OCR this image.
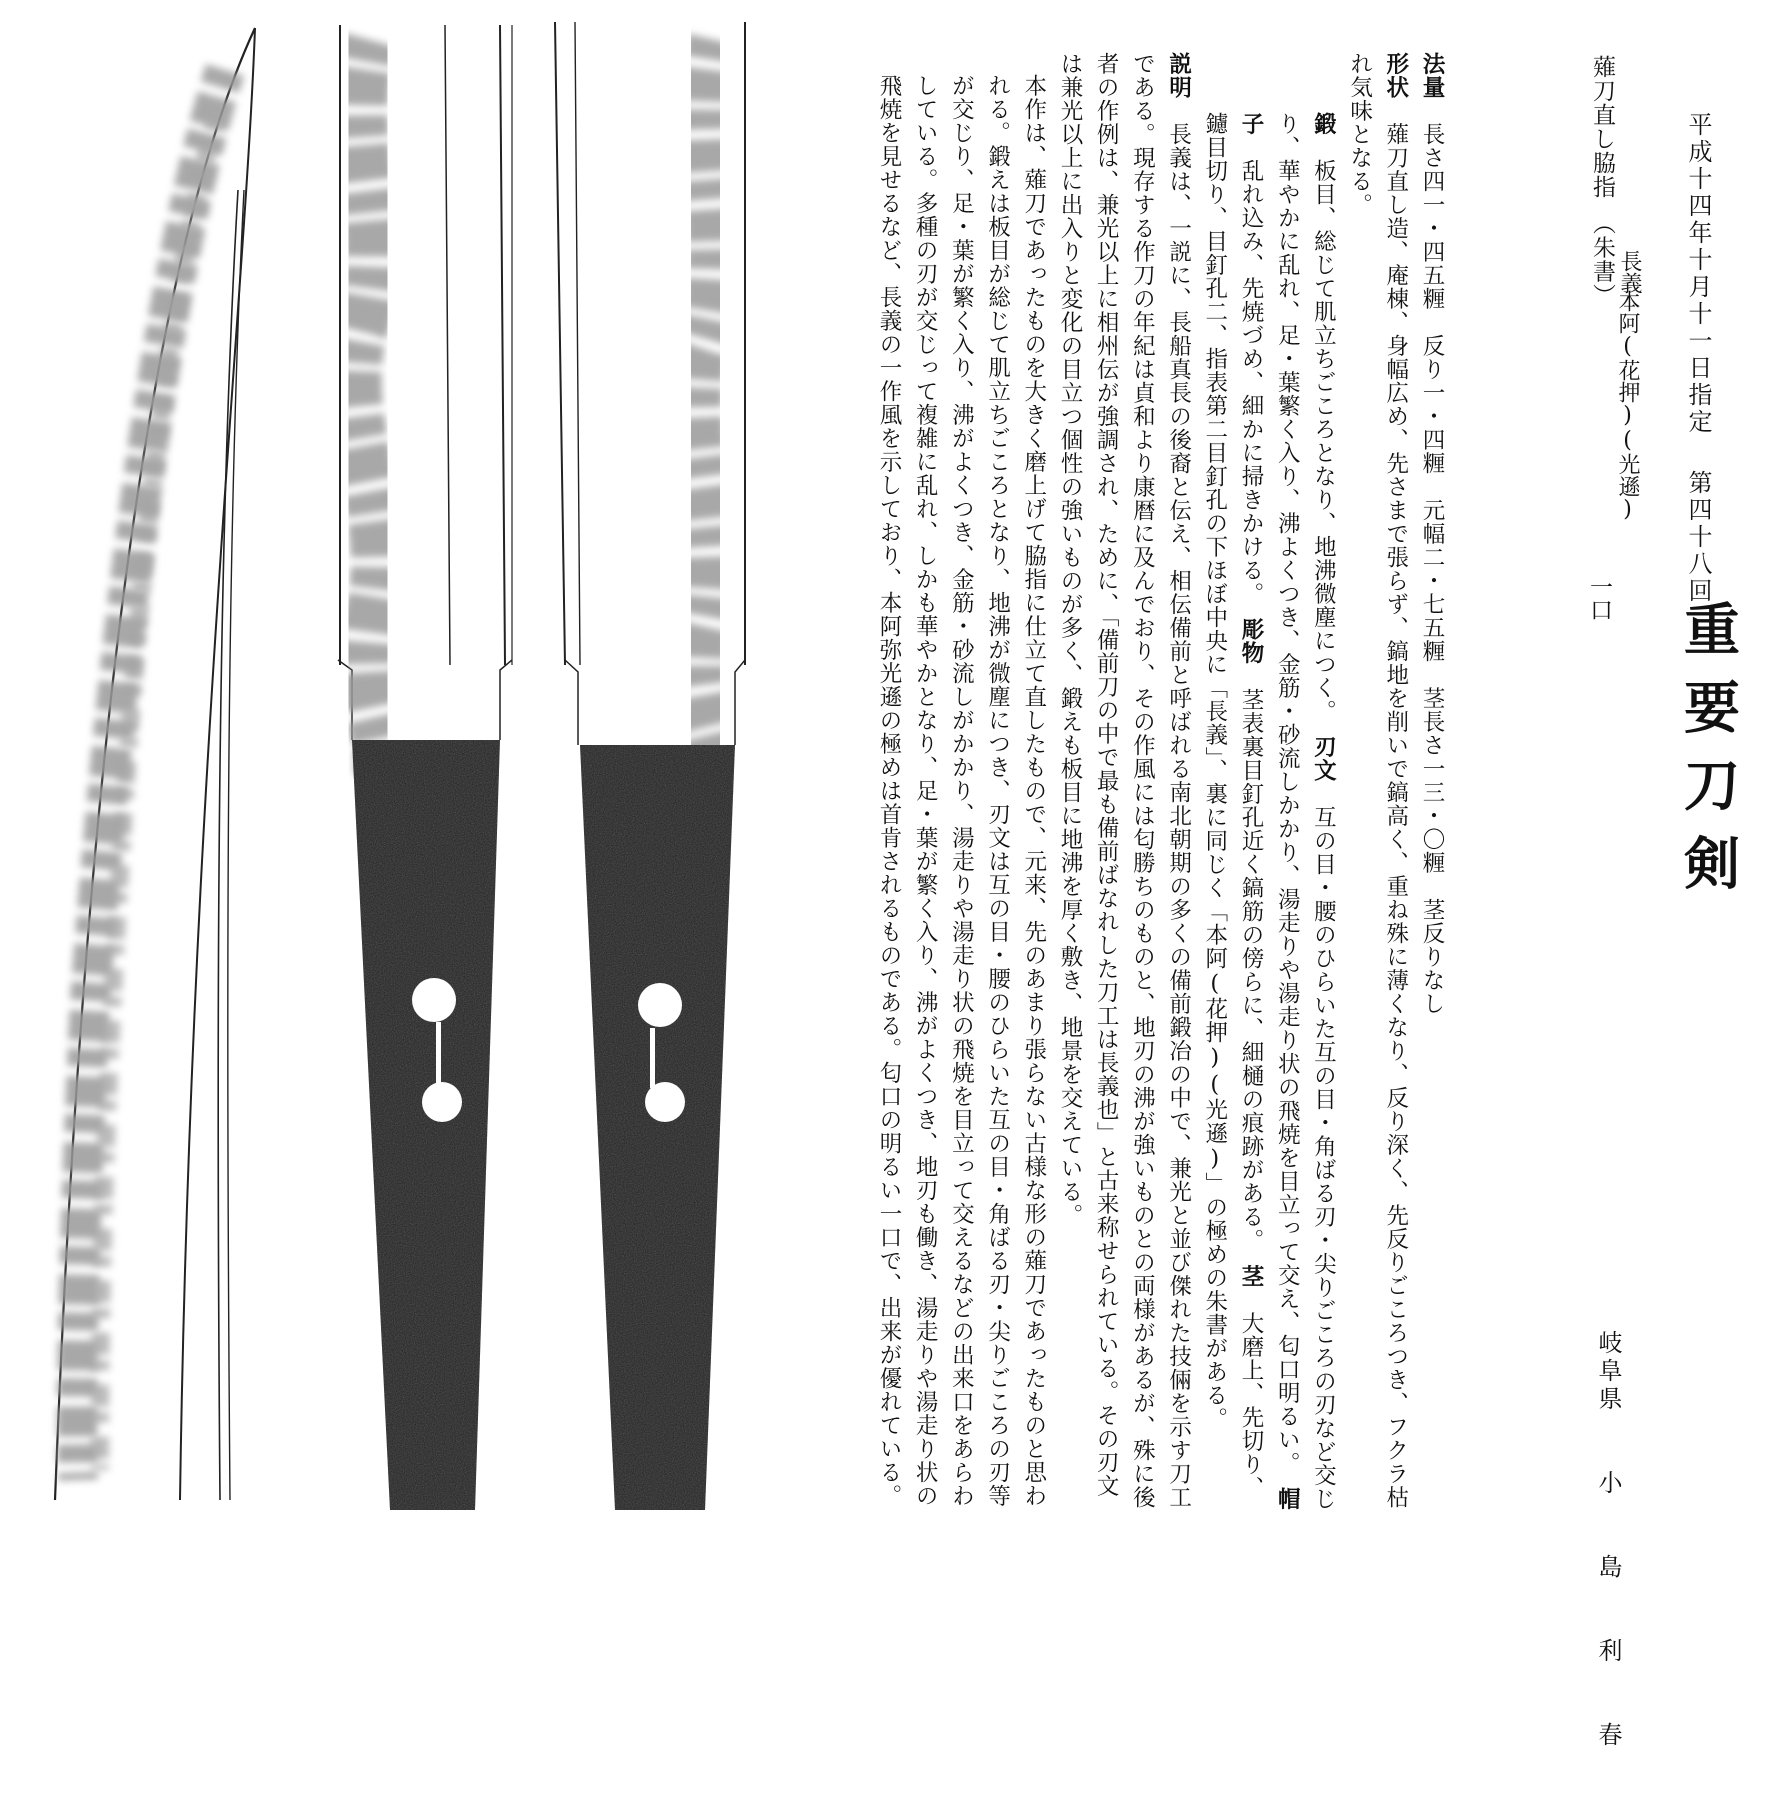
平成十四年十月十一日指定
第四十八回
重要刀剣
薙刀直し脇指　（朱書） 長義
本阿(花押)(光遜)
一口
岐阜県
小島利春

法量　長さ四一・四五糎　反り一・四糎　元幅二・七五糎　茎長さ一三・〇糎　茎反りなし

形状　薙刀直し造、庵棟、身幅広め、先さまで張らず、鎬地を削いで鎬高く、重ね殊に薄くなり、反り深く、先反りごころつき、フクラ枯れ気味となる。

鍛　板目、総じて肌立ちごころとなり、地沸微塵につく。　刃文　互の目・腰のひらいた互の目・角ばる刃・尖りごころの刃など交じり、華やかに乱れ、足・葉繁く入り、沸よくつき、金筋・砂流しかかり、湯走りや湯走り状の飛焼を目立って交え、匂口明るい。　帽子　乱れ込み、先焼づめ、細かに掃きかける。　彫物　茎表裏目釘孔近く鎬筋の傍らに、細樋の痕跡がある。　茎　大磨上、先切り、鑢目切り、目釘孔二、指表第二目釘孔の下ほぼ中央に「長義」、裏に同じく「本阿(花押)(光遜)」の極めの朱書がある。

説明　長義は、一説に、長船真長の後裔と伝え、相伝備前と呼ばれる南北朝期の多くの備前鍛冶の中で、兼光と並び傑れた技倆を示す刀工である。現存する作刀の年紀は貞和より康暦に及んでおり、その作風には匂勝ちのものと、地刃の沸が強いものとの両様があるが、殊に後者の作例は、兼光以上に相州伝が強調され、ために、「備前刀の中で最も備前ばなれした刀工は長義也」と古来称せられている。その刃文は兼光以上に出入りと変化の目立つ個性の強いものが多く、鍛えも板目に地沸を厚く敷き、地景を交えている。

本作は、薙刀であったものを大きく磨上げて脇指に仕立て直したもので、元来、先のあまり張らない古様な形の薙刀であったものと思われる。鍛えは板目が総じて肌立ちごころとなり、地沸が微塵につき、刃文は互の目・腰のひらいた互の目・角ばる刃・尖りごころの刃等が交じり、足・葉が繁く入り、沸がよくつき、金筋・砂流しがかかり、湯走りや湯走り状の飛焼を目立って交えるなどの出来口をあらわしている。多種の刃が交じって複雑に乱れ、しかも華やかとなり、足・葉が繁く入り、沸がよくつき、地刃も働き、湯走りや湯走り状の飛焼を見せるなど、長義の一作風を示しており、本阿弥光遜の極めは首肯されるものである。匂口の明るい一口で、出来が優れている。
